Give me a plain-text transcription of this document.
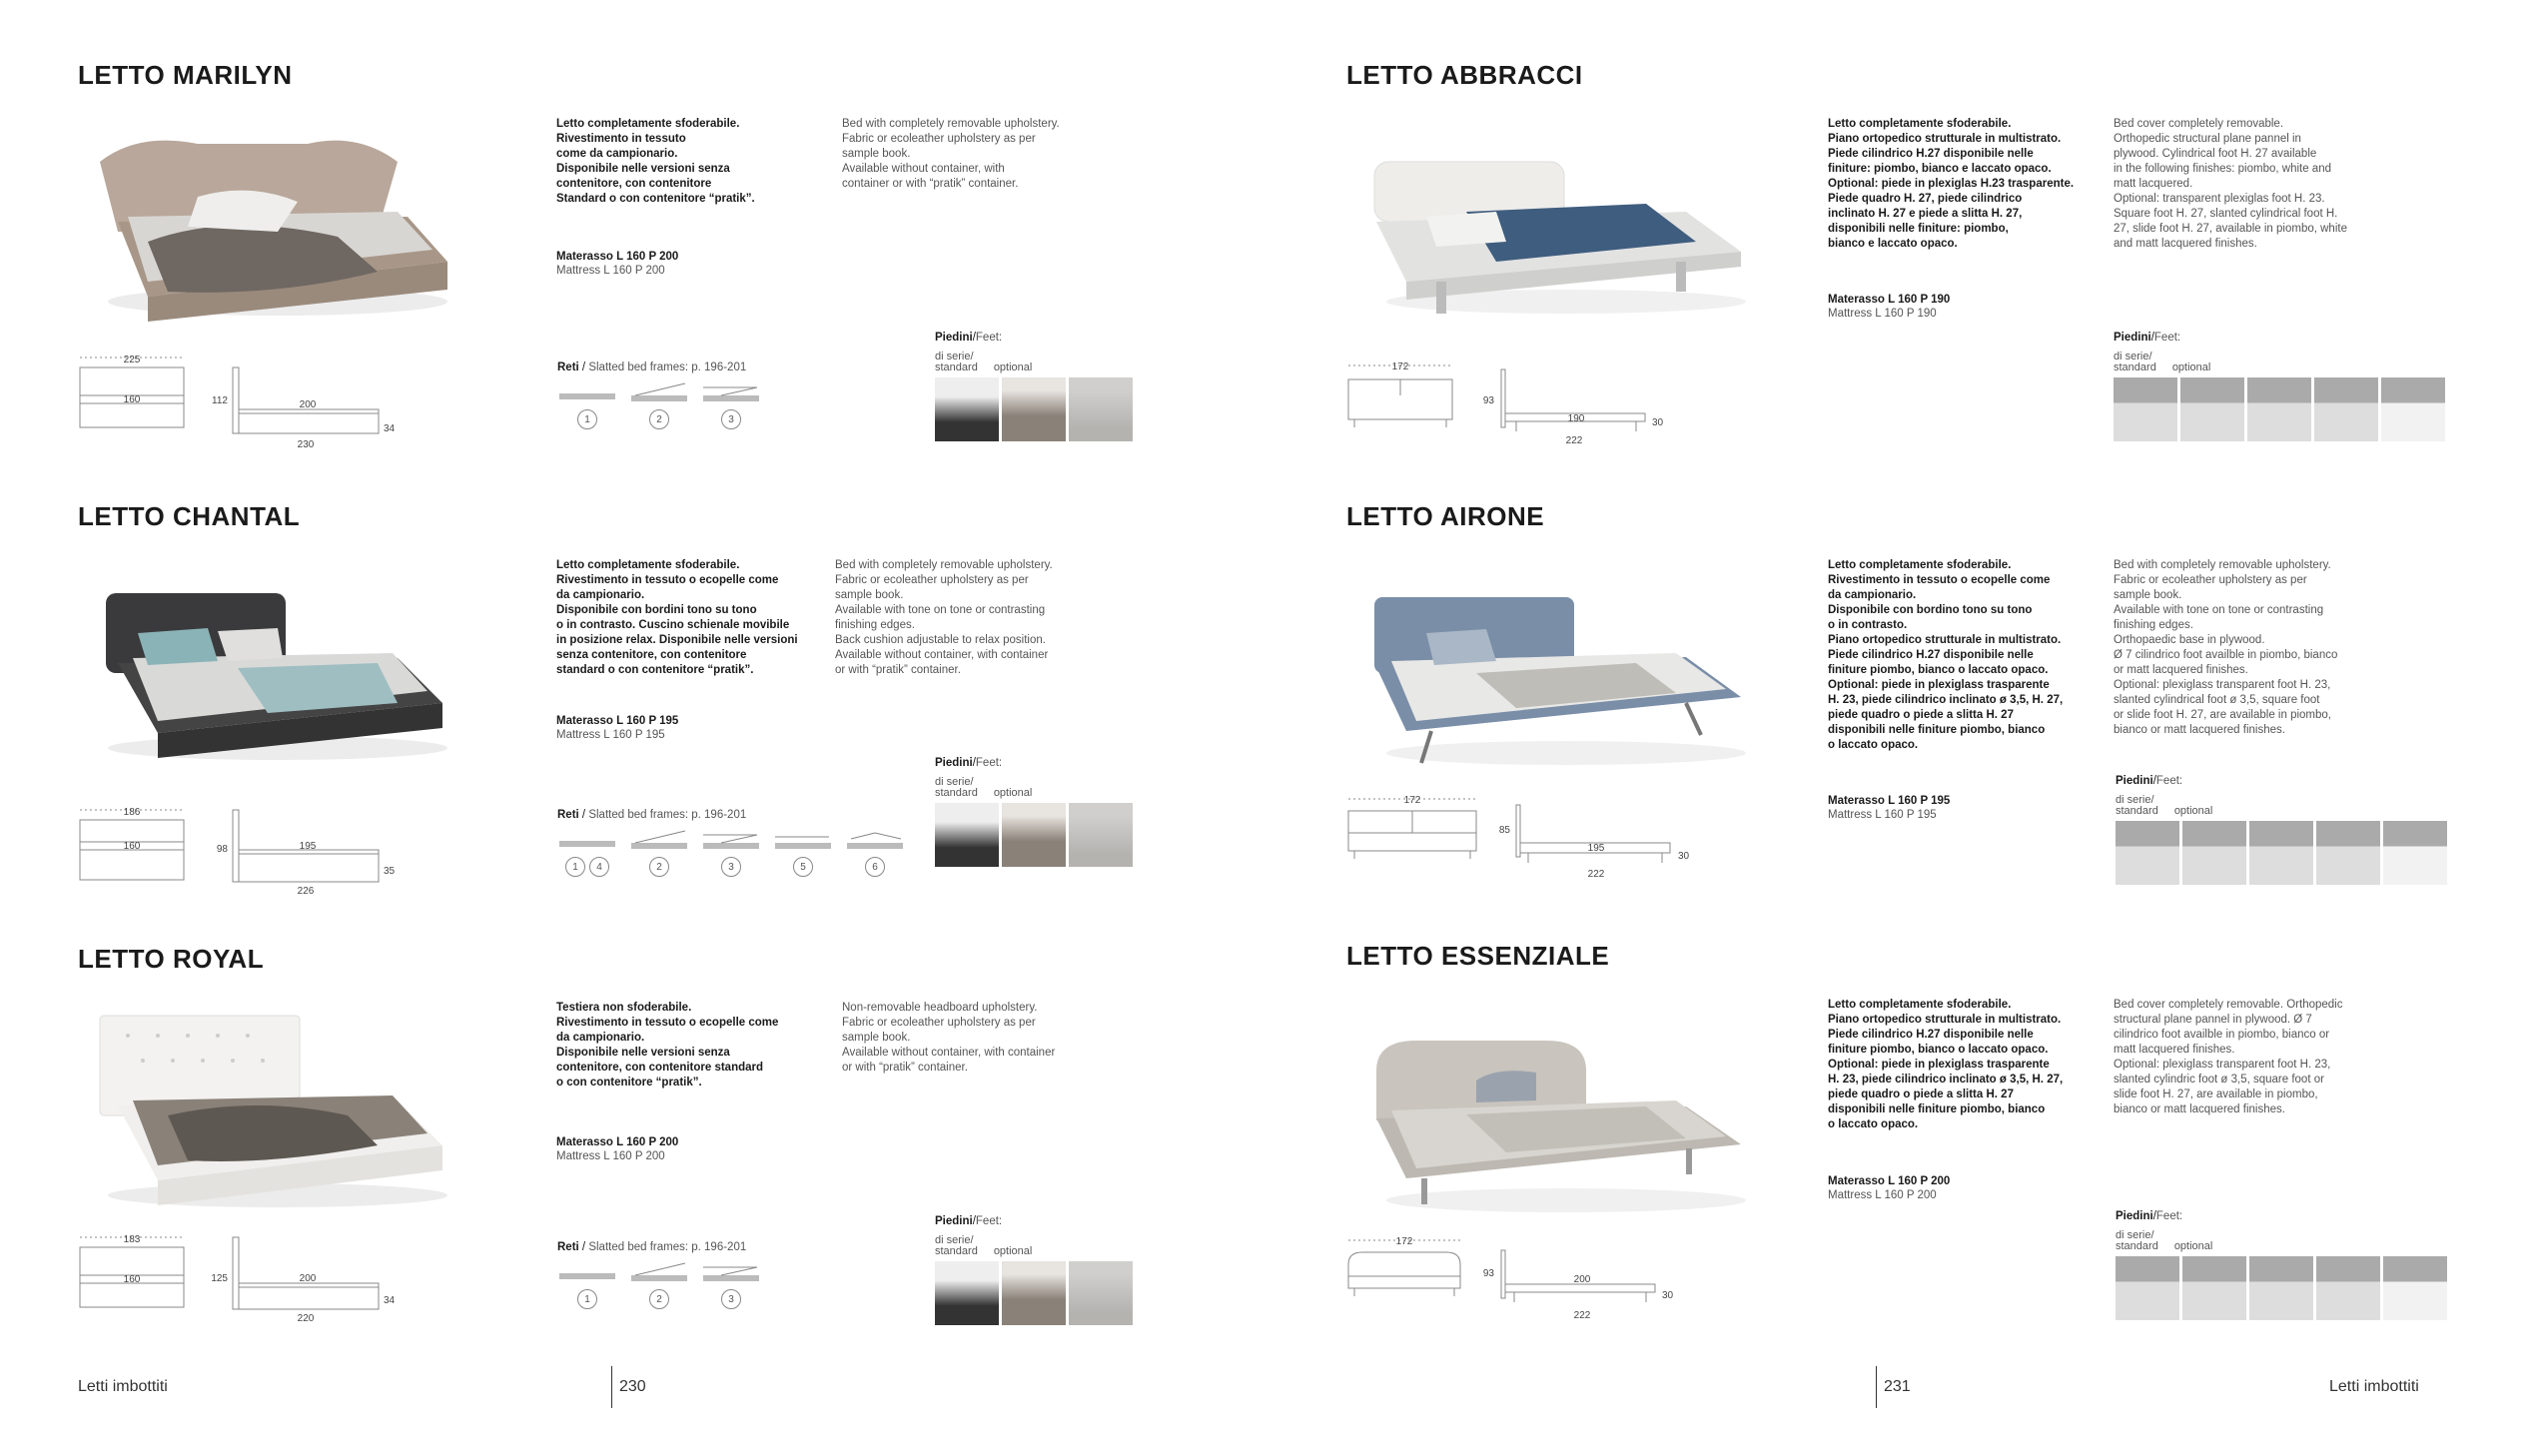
LETTO MARILYN
Letto completamente sfoderabile.
Rivestimento in tessuto
come da campionario.
Disponibile nelle versioni senza
contenitore, con contenitore
Standard o con contenitore “pratik”.
Bed with completely removable upholstery.
Fabric or ecoleather upholstery as per
sample book.
Available without container, with
container or with “pratik” container.
Materasso L 160 P 200
Mattress L 160 P 200
225
160	112	200
230
34
Reti / Slatted bed frames: p. 196-201
1	2	3
Piedini/Feet:
di serie/
standard optional
LETTO CHANTAL
Letto completamente sfoderabile.
Rivestimento in tessuto o ecopelle come
da campionario.
Disponibile con bordini tono su tono
o in contrasto. Cuscino schienale movibile
in posizione relax. Disponibile nelle versioni
senza contenitore, con contenitore
standard o con contenitore “pratik”.
Bed with completely removable upholstery.
Fabric or ecoleather upholstery as per
sample book.
Available with tone on tone or contrasting
finishing edges.
Back cushion adjustable to relax position.
Available without container, with container
or with “pratik” container.
Materasso L 160 P 195
Mattress L 160 P 195
186
160	98	195
226
35
Reti / Slatted bed frames: p. 196-201
1	4	2	3	5	6
Piedini/Feet:
di serie/
standard optional
LETTO ROYAL
Testiera non sfoderabile.
Rivestimento in tessuto o ecopelle come
da campionario.
Disponibile nelle versioni senza
contenitore, con contenitore standard
o con contenitore “pratik”.
Non-removable headboard upholstery.
Fabric or ecoleather upholstery as per
sample book.
Available without container, with container
or with “pratik” container.
Materasso L 160 P 200
Mattress L 160 P 200
183
160	125	200
220
34
Reti / Slatted bed frames: p. 196-201
1	2	3
Piedini/Feet:
di serie/
standard optional
LETTO ABBRACCI
Letto completamente sfoderabile.
Piano ortopedico strutturale in multistrato.
Piede cilindrico H.27 disponibile nelle
finiture: piombo, bianco e laccato opaco.
Optional: piede in plexiglas H.23 trasparente.
Piede quadro H. 27, piede cilindrico
inclinato H. 27 e piede a slitta H. 27,
disponibili nelle finiture: piombo,
bianco e laccato opaco.
Bed cover completely removable.
Orthopedic structural plane pannel in
plywood. Cylindrical foot H. 27 available
in the following finishes: piombo, white and
matt lacquered.
Optional: transparent plexiglas foot H. 23.
Square foot H. 27, slanted cylindrical foot H.
27, slide foot H. 27, available in piombo, white
and matt lacquered finishes.
Materasso L 160 P 190
Mattress L 160 P 190
172
93
190
222
30
Piedini/Feet:
di serie/
standard optional
LETTO AIRONE
Letto completamente sfoderabile.
Rivestimento in tessuto o ecopelle come
da campionario.
Disponibile con bordino tono su tono
o in contrasto.
Piano ortopedico strutturale in multistrato.
Piede cilindrico H.27 disponibile nelle
finiture piombo, bianco o laccato opaco.
Optional: piede in plexiglass trasparente
H. 23, piede cilindrico inclinato ø 3,5, H. 27,
piede quadro o piede a slitta H. 27
disponibili nelle finiture piombo, bianco
o laccato opaco.
Bed with completely removable upholstery.
Fabric or ecoleather upholstery as per
sample book.
Available with tone on tone or contrasting
finishing edges.
Orthopaedic base in plywood.
Ø 7 cilindrico foot availble in piombo, bianco
or matt lacquered finishes.
Optional: plexiglass transparent foot H. 23,
slanted cylindrical foot ø 3,5, square foot
or slide foot H. 27, are available in piombo,
bianco or matt lacquered finishes.
Materasso L 160 P 195
Mattress L 160 P 195
172
85
195
222
30
Piedini/Feet:
di serie/
standard optional
LETTO ESSENZIALE
Letto completamente sfoderabile.
Piano ortopedico strutturale in multistrato.
Piede cilindrico H.27 disponibile nelle
finiture piombo, bianco o laccato opaco.
Optional: piede in plexiglass trasparente
H. 23, piede cilindrico inclinato ø 3,5, H. 27,
piede quadro o piede a slitta H. 27
disponibili nelle finiture piombo, bianco
o laccato opaco.
Bed cover completely removable. Orthopedic
structural plane pannel in plywood. Ø 7
cilindrico foot availble in piombo, bianco or
matt lacquered finishes.
Optional: plexiglass transparent foot H. 23,
slanted cylindric foot ø 3,5, square foot or
slide foot H. 27, are available in piombo,
bianco or matt lacquered finishes.
Materasso L 160 P 200
Mattress L 160 P 200
172
93
200
222
30
Piedini/Feet:
di serie/
standard optional
Letti imbottiti	230	231	Letti imbottiti
